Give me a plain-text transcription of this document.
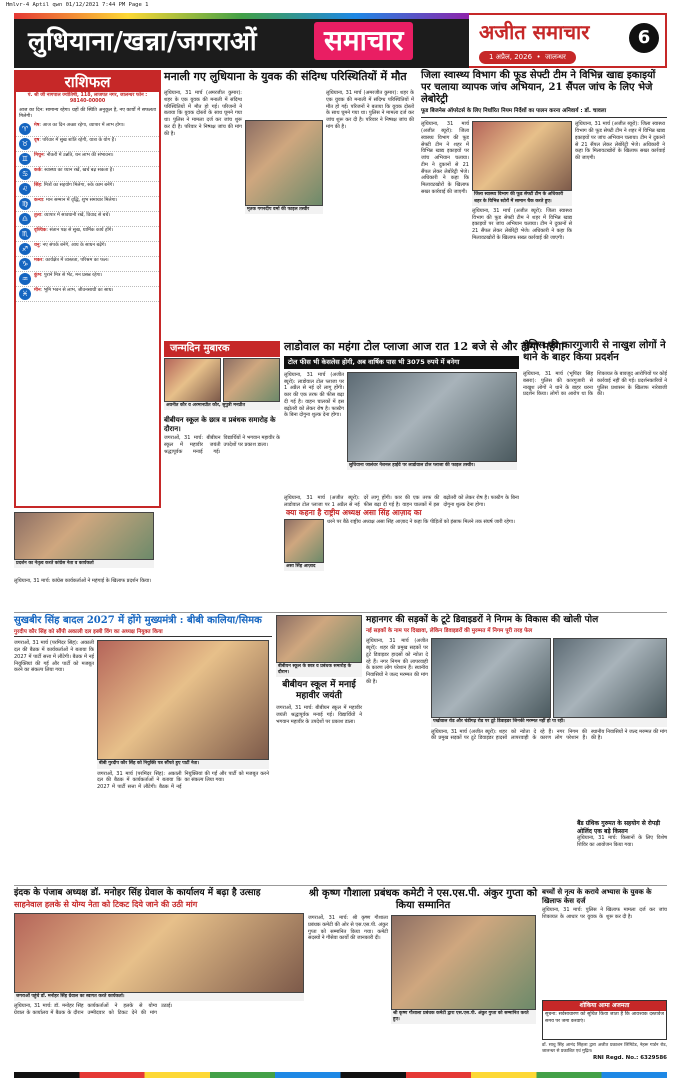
Hmlvr-4 Aptil qwn 01/12/2021 7:44 PM Page 1
लुधियाना/खन्ना/जगराओं	समाचार	अजीत समाचार
1 अप्रैल, 2026  •  जालन्धर
6
राशिफल
पं. श्री जी नागपाल ज्योतिषी, 118, लाजपत नगर, जालन्धर फोन : 98140-00000
आज का दिन: सामान्य रहेगा। ग्रहों की स्थिति अनुकूल है, नए कार्यों में सफलता मिलेगी।
♈	मेष: आज का दिन अच्छा रहेगा, व्यापार में लाभ होगा।
♉	वृष: परिवार में सुख शांति रहेगी, यात्रा के योग हैं।
♊	मिथुन: नौकरी में उन्नति, धन लाभ की संभावना।
♋	कर्क: स्वास्थ्य का ध्यान रखें, खर्च बढ़ सकता है।
♌	सिंह: मित्रों का सहयोग मिलेगा, रुके काम बनेंगे।
♍	कन्या: मान सम्मान में वृद्धि, शुभ समाचार मिलेगा।
♎	तुला: व्यापार में सावधानी रखें, विवाद से बचें।
♏	वृश्चिक: संतान पक्ष से सुख, धार्मिक कार्य होंगे।
♐	धनु: नए संपर्क बनेंगे, आय के साधन बढ़ेंगे।
♑	मकर: कार्यक्षेत्र में व्यस्तता, परिश्रम का फल।
♒	कुंभ: पुराने मित्र से भेंट, मन प्रसन्न रहेगा।
♓	मीन: भूमि भवन से लाभ, जीवनसाथी का साथ।
मनाली गए लुधियाना के युवक की संदिग्ध परिस्थितियों में मौत
लुधियाना, 31 मार्च (अमरजीत कुमार): शहर के एक युवक की मनाली में संदिग्ध परिस्थितियों में मौत हो गई। परिजनों ने बताया कि युवक दोस्तों के साथ घूमने गया था। पुलिस ने मामला दर्ज कर जांच शुरू कर दी है। परिवार ने निष्पक्ष जांच की मांग की है।
मृतक गगनदीप वर्मा की फाइल तस्वीर
लुधियाना, 31 मार्च (अमरजीत कुमार): शहर के एक युवक की मनाली में संदिग्ध परिस्थितियों में मौत हो गई। परिजनों ने बताया कि युवक दोस्तों के साथ घूमने गया था। पुलिस ने मामला दर्ज कर जांच शुरू कर दी है। परिवार ने निष्पक्ष जांच की मांग की है।
जिला स्वास्थ्य विभाग की फूड सेफ्टी टीम ने विभिन्न खाद्य इकाइयों पर चलाया व्यापक जांच अभियान, 21 सैंपल जांच के लिए भेजे लेबोरेट्री
फूड बिजनेस ऑपरेटर्स के लिए निर्धारित नियम निर्देशों का पालन करना अनिवार्य : डॉ. चावला
लुधियाना, 31 मार्च (अजीत ब्यूरो): जिला स्वास्थ्य विभाग की फूड सेफ्टी टीम ने शहर में विभिन्न खाद्य इकाइयों पर जांच अभियान चलाया। टीम ने दुकानों से 21 सैंपल लेकर लेबोरेट्री भेजे। अधिकारी ने कहा कि मिलावटखोरों के खिलाफ सख्त कार्रवाई की जाएगी।	जिला स्वास्थ्य विभाग की फूड सेफ्टी टीम के अधिकारी शहर के विभिन्न स्टोरों में सामान चैक करते हुए।
लुधियाना, 31 मार्च (अजीत ब्यूरो): जिला स्वास्थ्य विभाग की फूड सेफ्टी टीम ने शहर में विभिन्न खाद्य इकाइयों पर जांच अभियान चलाया। टीम ने दुकानों से 21 सैंपल लेकर लेबोरेट्री भेजे। अधिकारी ने कहा कि मिलावटखोरों के खिलाफ सख्त कार्रवाई की जाएगी।
लुधियाना, 31 मार्च (अजीत ब्यूरो): जिला स्वास्थ्य विभाग की फूड सेफ्टी टीम ने शहर में विभिन्न खाद्य इकाइयों पर जांच अभियान चलाया। टीम ने दुकानों से 21 सैंपल लेकर लेबोरेट्री भेजे। अधिकारी ने कहा कि मिलावटखोरों के खिलाफ सख्त कार्रवाई की जाएगी।
जन्मदिन मुबारक
अवनीत कौर व अरमानप्रीत कौर, सुपुत्री मनप्रीत
लाडोवाल का महंगा टोल प्लाजा आज रात 12 बजे से और होगा महंगा
टोल फीस भी केसलेस होगी, अब वार्षिक पास भी 3075 रुपये में बनेगा
लुधियाना, 31 मार्च (अजीत ब्यूरो): लाडोवाल टोल प्लाजा पर 1 अप्रैल से नई दरें लागू होंगी। कार की एक तरफ की फीस बढ़ा दी गई है। वाहन चालकों में इस बढ़ोतरी को लेकर रोष है। फास्टैग के बिना दोगुना शुल्क देना होगा।
लुधियाना जालंधर नेशनल हाईवे पर लाडोवाल टोल प्लाजा की फाइल तस्वीर।
लुधियाना, 31 मार्च (अजीत ब्यूरो): लाडोवाल टोल प्लाजा पर 1 अप्रैल से नई दरें लागू होंगी। कार की एक तरफ की फीस बढ़ा दी गई है। वाहन चालकों में इस बढ़ोतरी को लेकर रोष है। फास्टैग के बिना दोगुना शुल्क देना होगा।
पुलिस की कारगुजारी से नाखुश लोगों ने थाने के बाहर किया प्रदर्शन
लुधियाना, 31 मार्च (भूपिंदर सिंह बसरा): पुलिस की कारगुजारी से नाखुश लोगों ने थाने के बाहर धरना प्रदर्शन किया। लोगों का आरोप था कि शिकायत के बावजूद आरोपियों पर कोई कार्रवाई नहीं की गई। प्रदर्शनकारियों ने पुलिस प्रशासन के खिलाफ नारेबाजी की।
क्या कहना है राष्ट्रीय अध्यक्ष असा सिंह आज़ाद का
असा सिंह आज़ाद
धरने पर बैठे राष्ट्रीय अध्यक्ष असा सिंह आज़ाद ने कहा कि पीड़ितों को इंसाफ मिलने तक संघर्ष जारी रहेगा।
प्रदर्शन का नेतृत्व करते कांग्रेस नेता व कार्यकर्ता
लुधियाना, 31 मार्च: कांग्रेस कार्यकर्ताओं ने महंगाई के खिलाफ प्रदर्शन किया।
बीबीयन स्कूल के छात्र व प्रबंधक समारोह के दौरान।
जगराओं, 31 मार्च: बीबीयन स्कूल में महावीर जयंती श्रद्धापूर्वक मनाई गई। विद्यार्थियों ने भगवान महावीर के उपदेशों पर प्रकाश डाला।
सुखबीर सिंह बादल 2027 में होंगे मुख्यमंत्री : बीबी कालिया/सिमक
गुरदीप कौर सिंह को सौंपी अकाली दल इस्त्री विंग का अध्यक्ष नियुक्त किया
जगराओं, 31 मार्च (परमिंदर सिंह): अकाली दल की बैठक में कार्यकर्ताओं ने बताया कि 2027 में पार्टी सत्ता में लौटेगी। बैठक में नई नियुक्तियां की गईं और पार्टी को मजबूत करने का संकल्प लिया गया।
बीबी गुरदीप कौर सिंह को नियुक्ति पत्र सौंपते हुए पार्टी नेता।
जगराओं, 31 मार्च (परमिंदर सिंह): अकाली दल की बैठक में कार्यकर्ताओं ने बताया कि 2027 में पार्टी सत्ता में लौटेगी। बैठक में नई नियुक्तियां की गईं और पार्टी को मजबूत करने का संकल्प लिया गया।
बीबीयन स्कूल के छात्र व प्रबंधक समारोह के दौरान।
बीबीयन स्कूल में मनाई महावीर जयंती
जगराओं, 31 मार्च: बीबीयन स्कूल में महावीर जयंती श्रद्धापूर्वक मनाई गई। विद्यार्थियों ने भगवान महावीर के उपदेशों पर प्रकाश डाला।
महानगर की सड़कों के टूटे डिवाइडरों ने निगम के विकास की खोली पोल
नई सड़कों के नाम पर दिखावा, लेकिन डिवाइडरों की मुरम्मत में निगम पूरी तरह फेल
लुधियाना, 31 मार्च (अजीत ब्यूरो): शहर की प्रमुख सड़कों पर टूटे डिवाइडर हादसों को न्योता दे रहे हैं। नगर निगम की लापरवाही के कारण लोग परेशान हैं। स्थानीय निवासियों ने जल्द मरम्मत की मांग की है।
पखोवाल रोड और चंडीगढ़ रोड पर टूटे डिवाइडर जिनकी मरम्मत नहीं हो पा रही।
लुधियाना, 31 मार्च (अजीत ब्यूरो): शहर की प्रमुख सड़कों पर टूटे डिवाइडर हादसों को न्योता दे रहे हैं। नगर निगम की लापरवाही के कारण लोग परेशान हैं। स्थानीय निवासियों ने जल्द मरम्मत की मांग की है।
बैंड ग्रंथिक गुरुमत के सहयोग से रोपड़ी ओलिंद एक बड़े किसान
लुधियाना, 31 मार्च: किसानों के लिए विशेष शिविर का आयोजन किया गया।
इंदक के पंजाब अध्यक्ष डॉ. मनोहर सिंह ग्रेवाल के कार्यालय में बढ़ा है उत्साह
साहनेवाल हलके से योग्य नेता को टिकट दिये जाने की उठी मांग
जगराओं पहुंचे डॉ. मनोहर सिंह ग्रेवाल का स्वागत करते कार्यकर्ता।
लुधियाना, 31 मार्च: डॉ. मनोहर सिंह ग्रेवाल के कार्यालय में बैठक के दौरान कार्यकर्ताओं ने हलके से योग्य उम्मीदवार को टिकट देने की मांग उठाई।
श्री कृष्ण गौशाला प्रबंधक कमेटी ने एस.एस.पी. अंकुर गुप्ता को किया सम्मानित
जगराओं, 31 मार्च: श्री कृष्ण गौशाला प्रबंधक कमेटी की ओर से एस.एस.पी. अंकुर गुप्ता को सम्मानित किया गया। कमेटी सदस्यों ने गौसेवा कार्यों की जानकारी दी।
श्री कृष्ण गौशाला प्रबंधक कमेटी द्वारा एस.एस.पी. अंकुर गुप्ता को सम्मानित करते हुए।
बच्चों से नृत्य के कराये अभ्यास के युवक के खिलाफ केस दर्ज
लुधियाना, 31 मार्च: पुलिस ने शिकायत के आधार पर युवक के खिलाफ मामला दर्ज कर जांच शुरू कर दी है।
शोकिया आमा अजमता
सूचना: सर्वसाधारण को सूचित किया जाता है कि आवश्यक दस्तावेज समय पर जमा करवाएं।
डॉ. साधु सिंह आनंद सिंहला द्वारा अजीत प्रकाशन लिमिटेड, नेहरू गार्डन रोड, जालन्धर से प्रकाशित एवं मुद्रित।
RNI Regd. No.: 6329586
